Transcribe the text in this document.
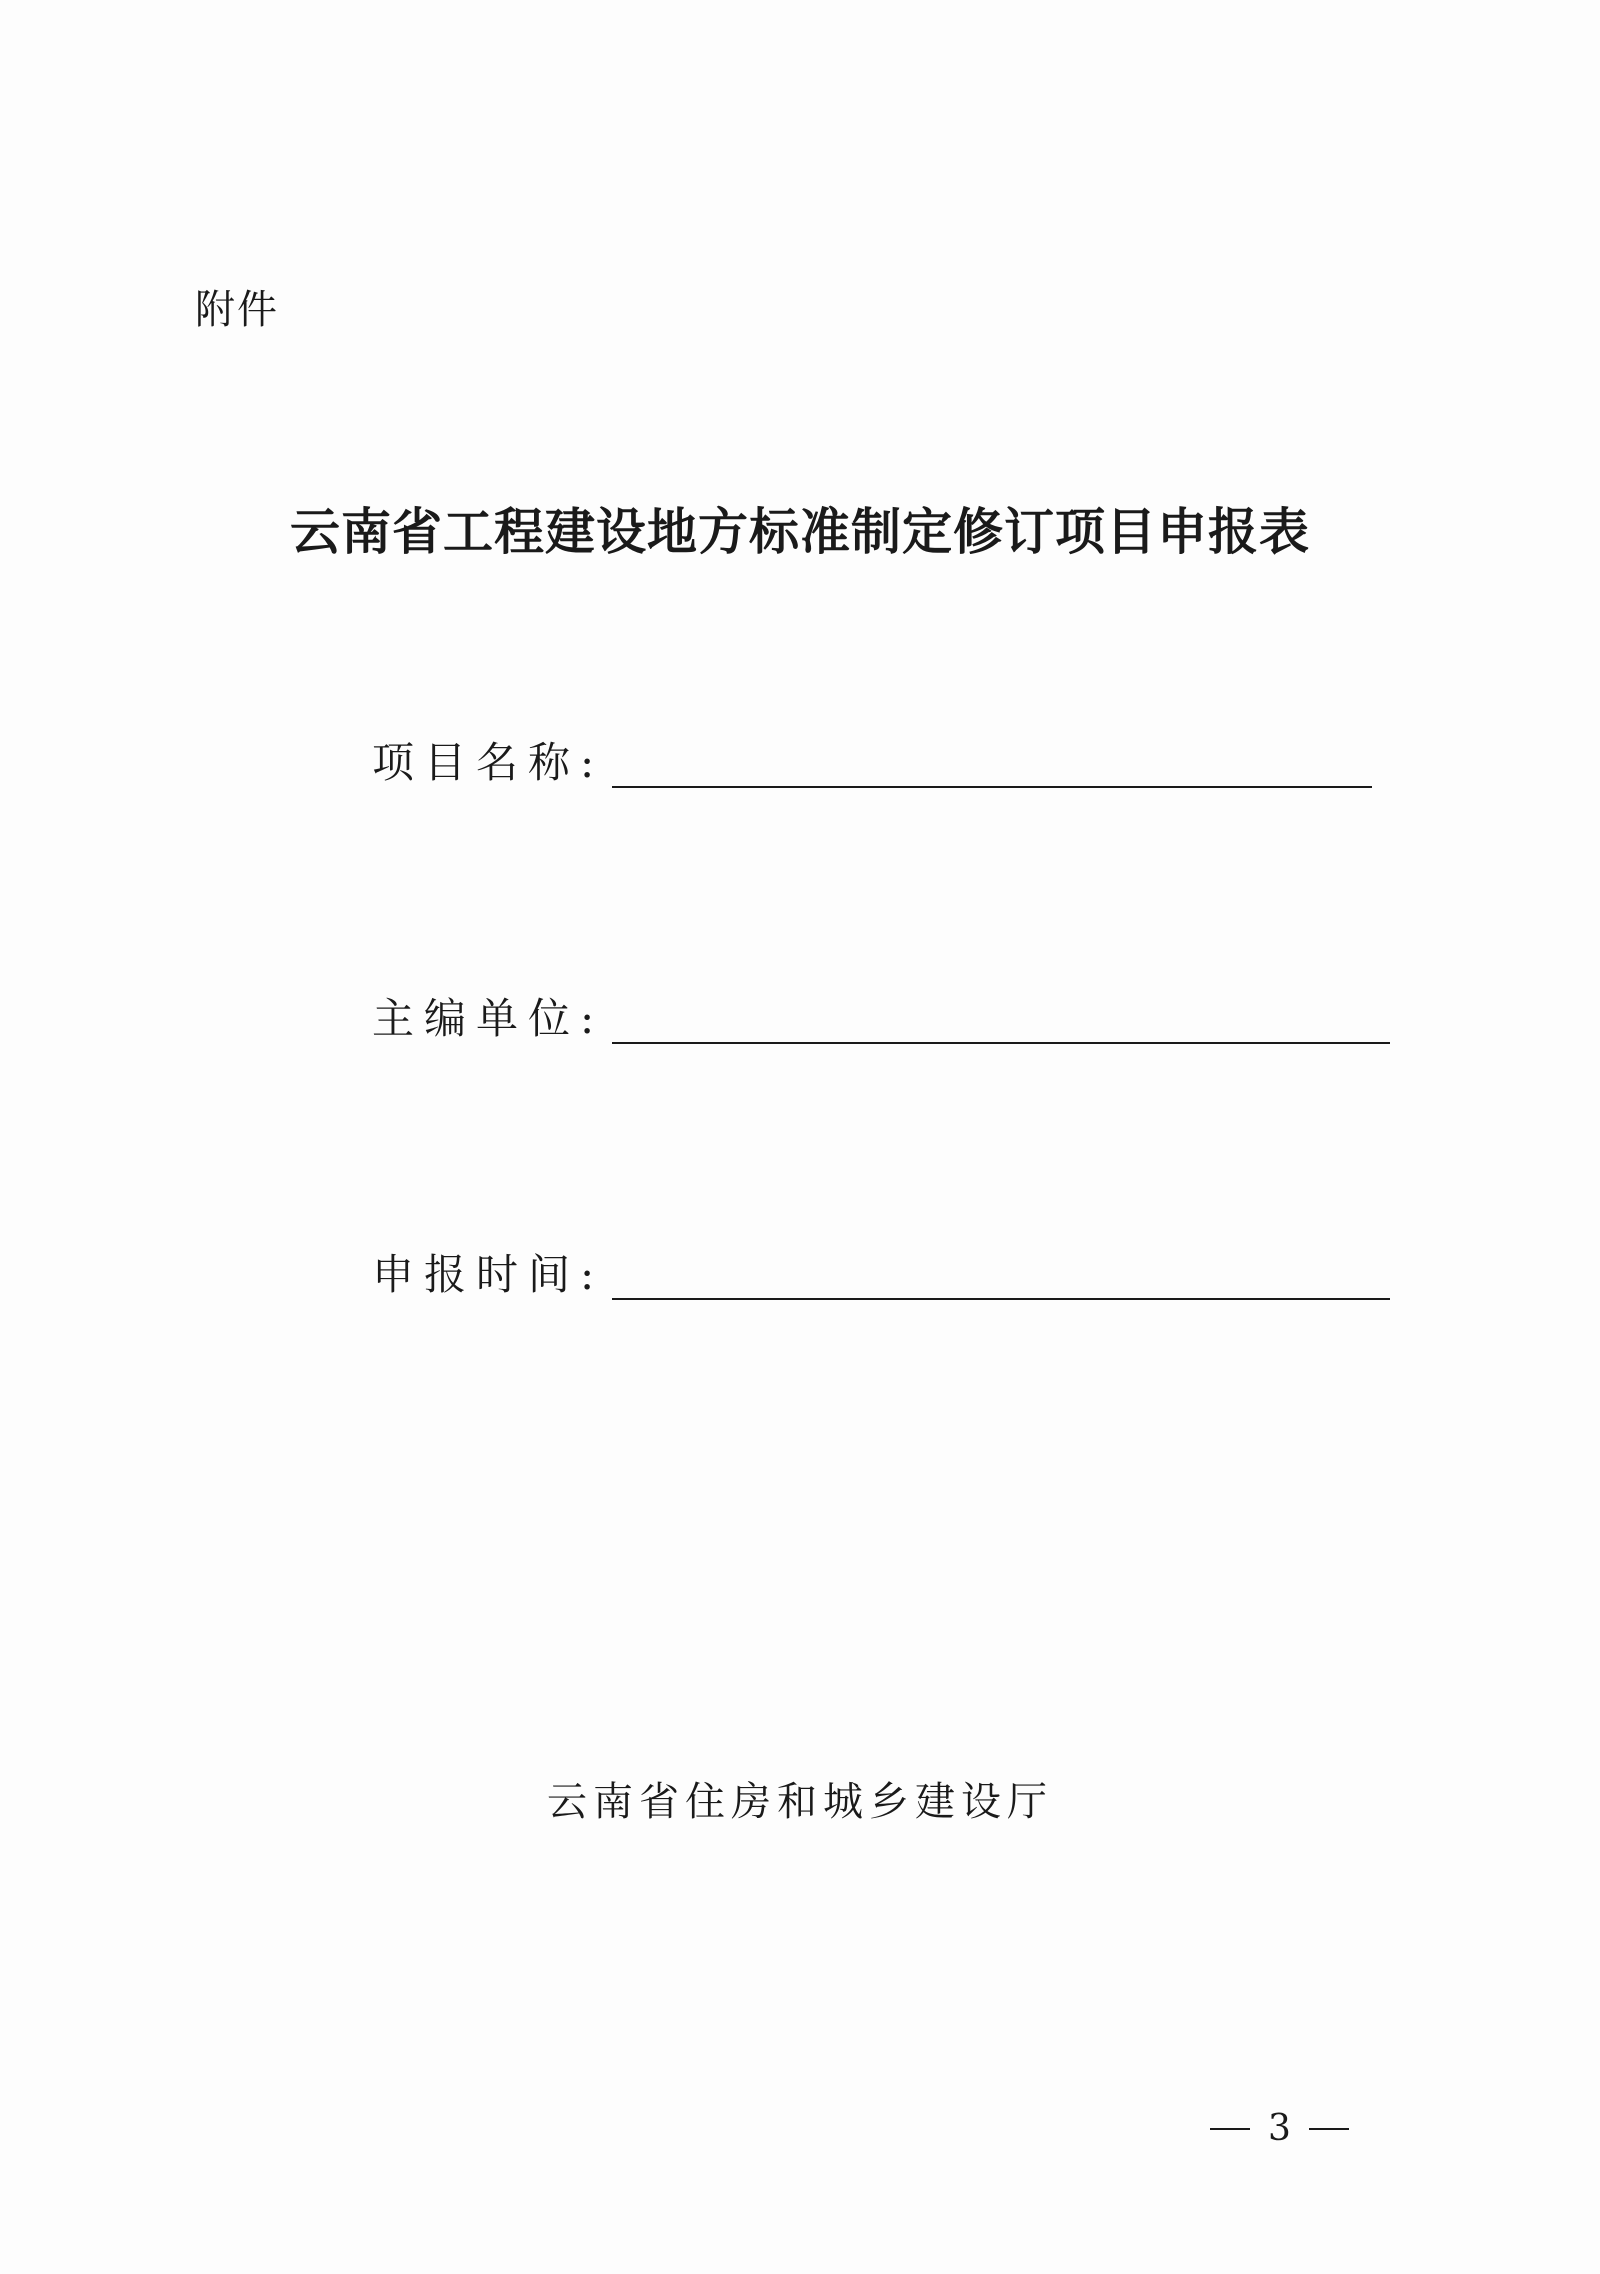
附件
云南省工程建设地方标准制定修订项目申报表
项目名称:
主编单位:
申报时间:
云南省住房和城乡建设厅
3
